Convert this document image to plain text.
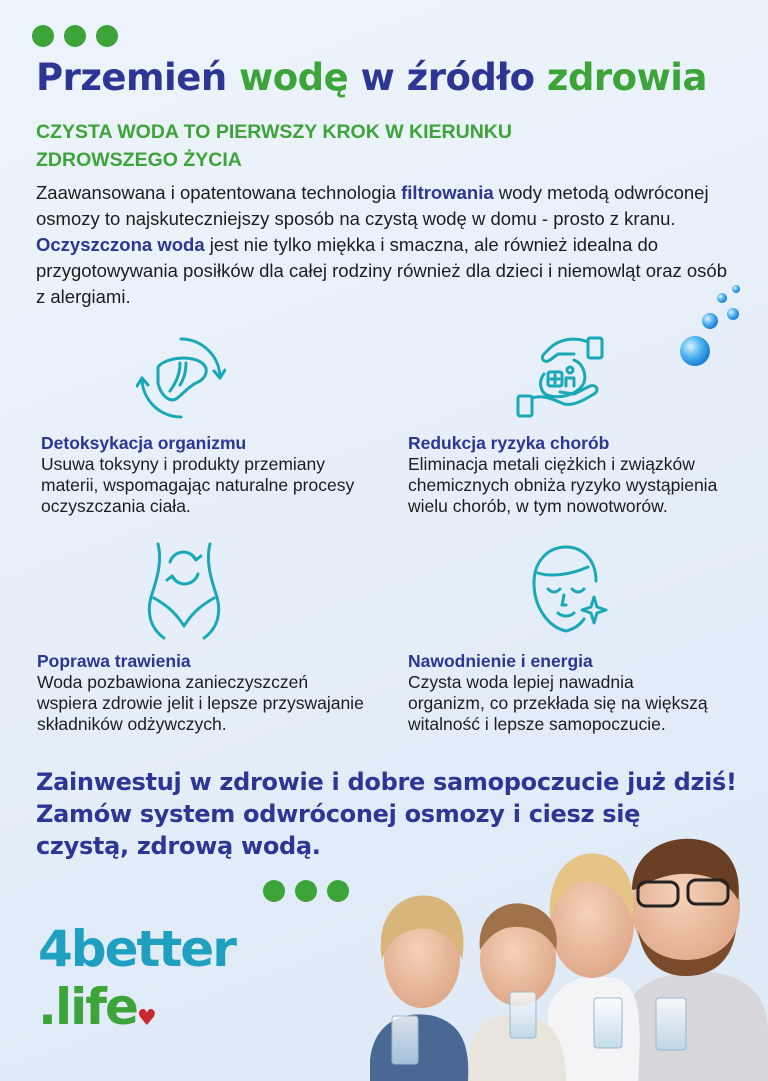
Przemień wodę w źródło zdrowia
CZYSTA WODA TO PIERWSZY KROK W KIERUNKU
ZDROWSZEGO ŻYCIA
Zaawansowana i opatentowana technologia filtrowania wody metodą odwróconej osmozy to najskuteczniejszy sposób na czystą wodę w domu - prosto z kranu. Oczyszczona woda jest nie tylko miękka i smaczna, ale również idealna do przygotowywania posiłków dla całej rodziny również dla dzieci i niemowląt oraz osób z alergiami.
Detoksykacja organizmu
Usuwa toksyny i produkty przemiany materii, wspomagając naturalne procesy oczyszczania ciała.
Redukcja ryzyka chorób
Eliminacja metali ciężkich i związków chemicznych obniża ryzyko wystąpienia wielu chorób, w tym nowotworów.
Poprawa trawienia
Woda pozbawiona zanieczyszczeń wspiera zdrowie jelit i lepsze przyswajanie składników odżywczych.
Nawodnienie i energia
Czysta woda lepiej nawadnia organizm, co przekłada się na większą witalność i lepsze samopoczucie.
Zainwestuj w zdrowie i dobre samopoczucie już dziś!
Zamów system odwróconej osmozy i ciesz się
czystą, zdrową wodą.
4better
.life♥
